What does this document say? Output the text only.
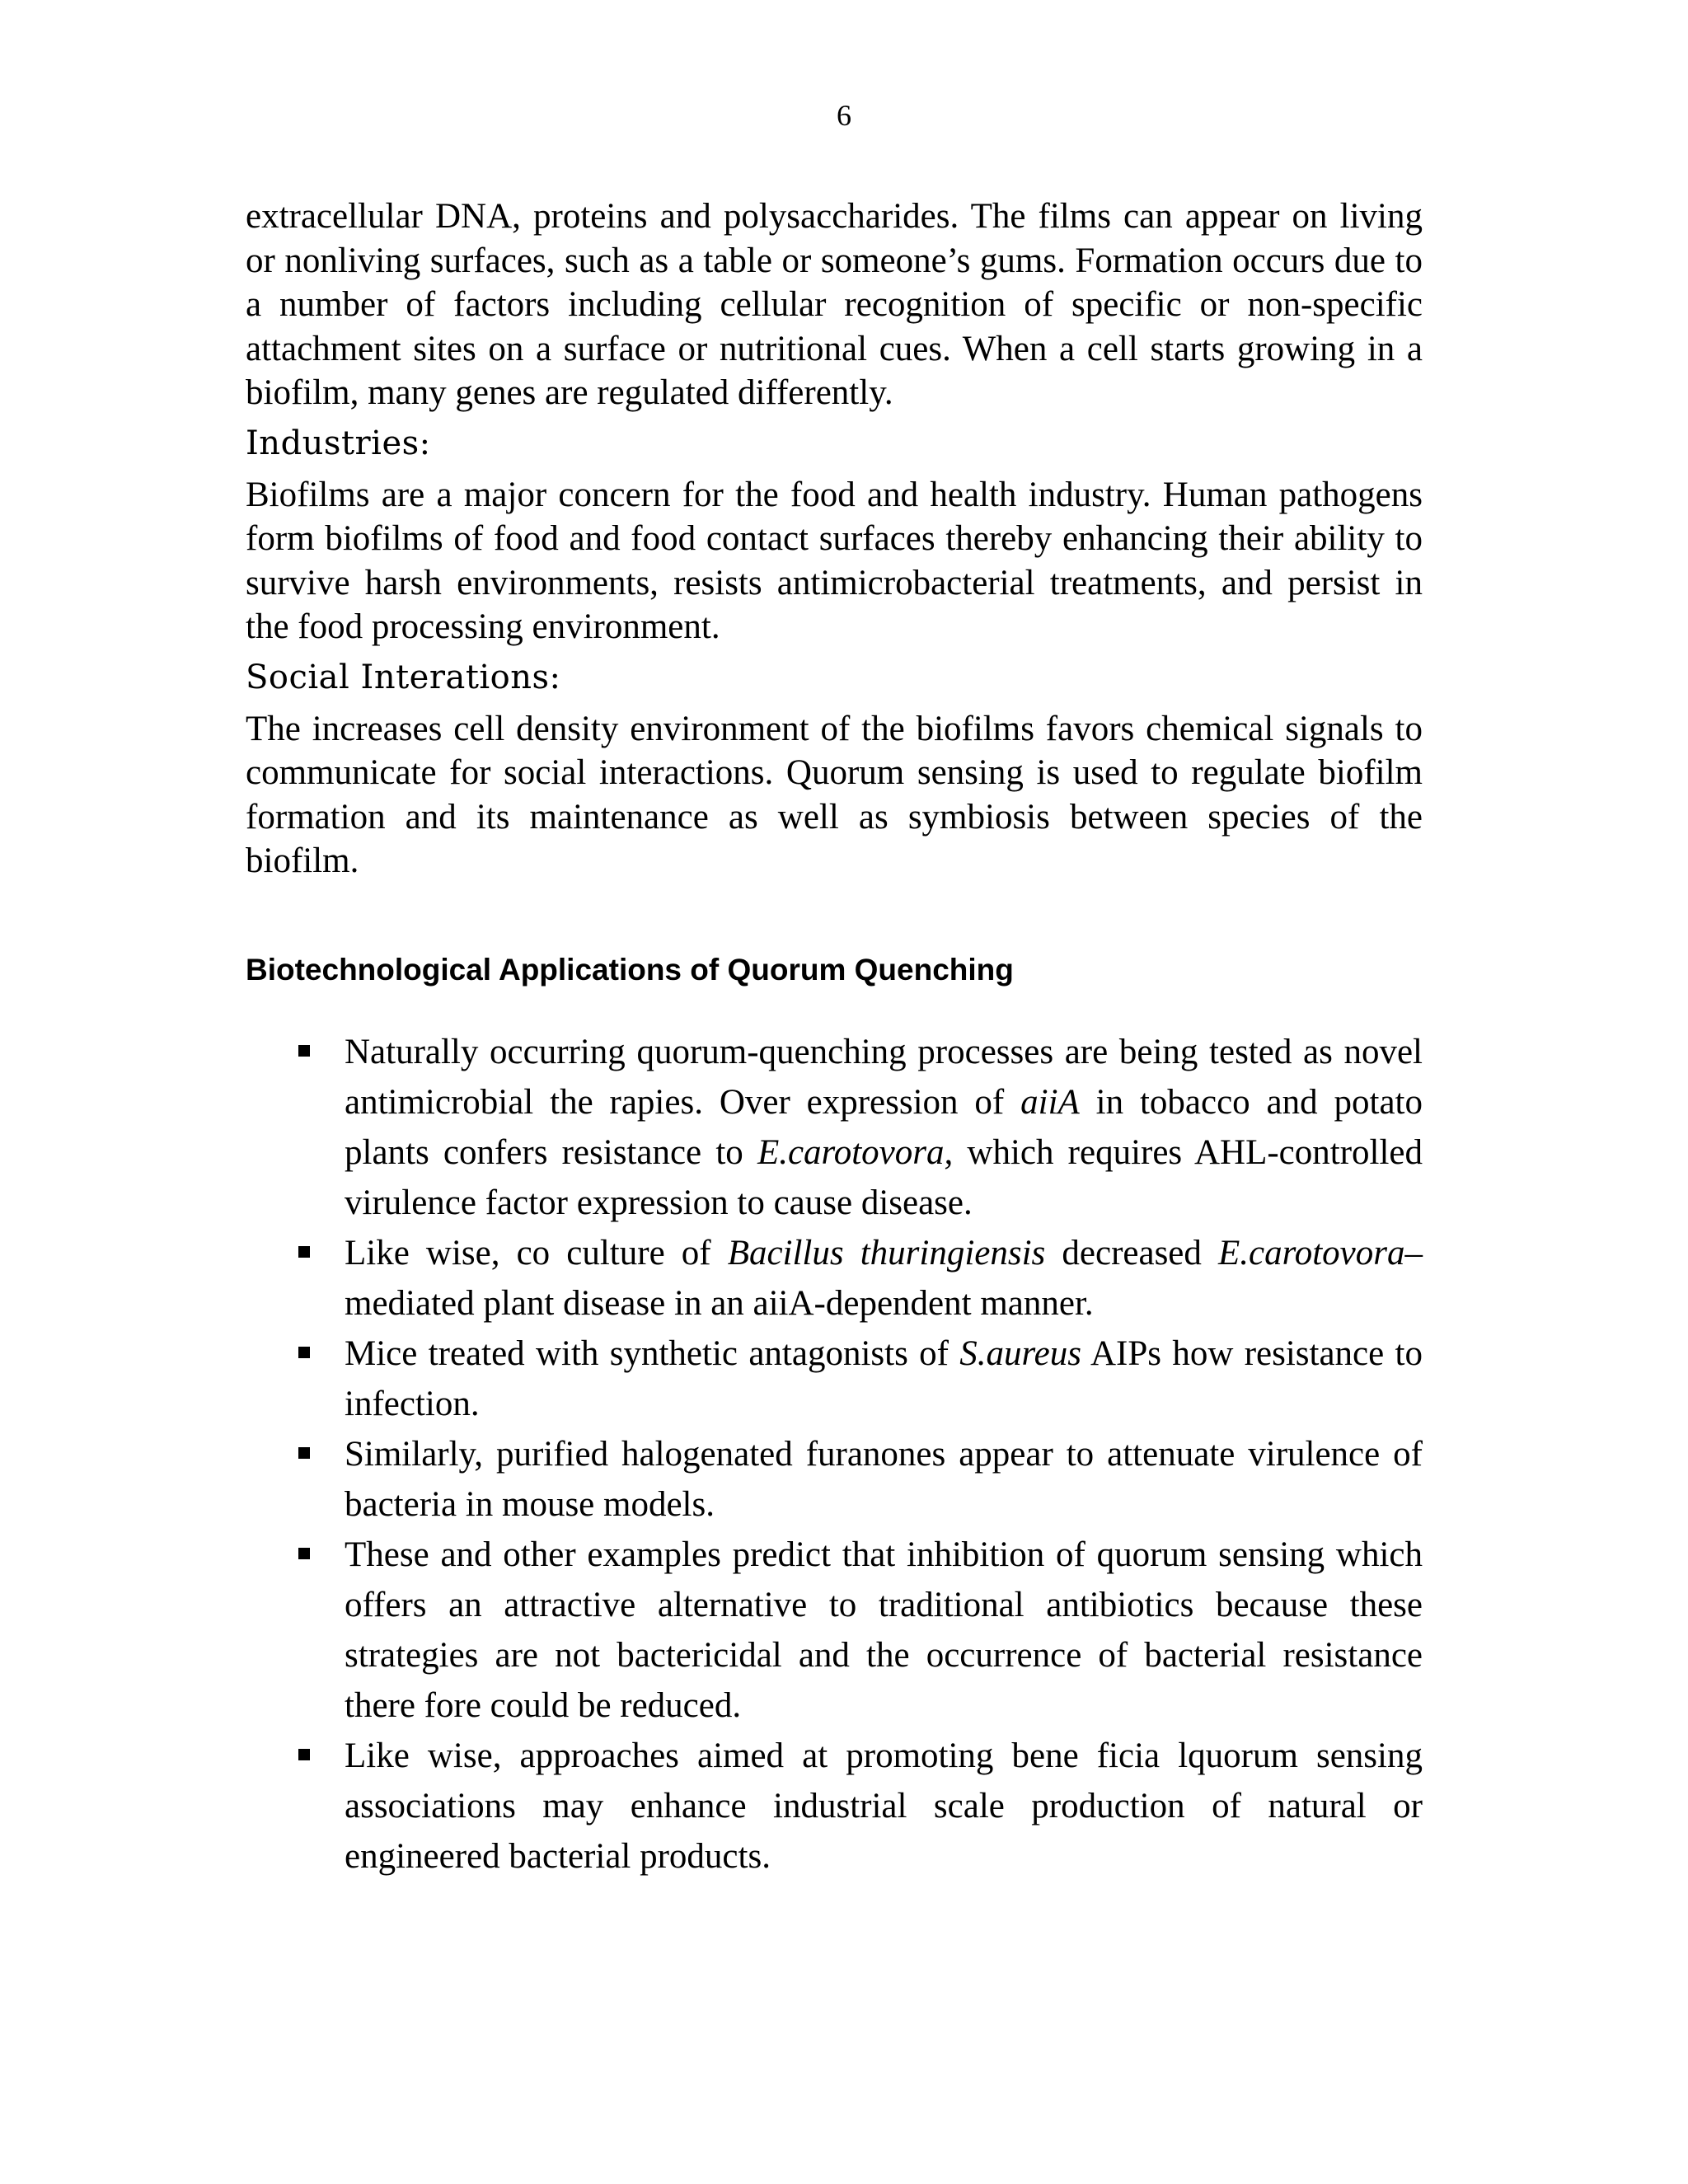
6

extracellular DNA, proteins and polysaccharides. The films can appear on living or nonliving surfaces, such as a table or someone’s gums. Formation occurs due to a number of factors including cellular recognition of specific or non-specific attachment sites on a surface or nutritional cues. When a cell starts growing in a biofilm, many genes are regulated differently.

Industries:

Biofilms are a major concern for the food and health industry. Human pathogens form biofilms of food and food contact surfaces thereby enhancing their ability to survive harsh environments, resists antimicrobacterial treatments, and persist in the food processing environment.

Social Interations:

The increases cell density environment of the biofilms favors chemical signals to communicate for social interactions. Quorum sensing is used to regulate biofilm formation and its maintenance as well as symbiosis between species of the biofilm.

Biotechnological Applications of Quorum Quenching
Naturally occurring quorum-quenching processes are being tested as novel antimicrobial the rapies. Over expression of aiiA in tobacco and potato plants confers resistance to E.carotovora, which requires AHL-controlled virulence factor expression to cause disease.
Like wise, co culture of Bacillus thuringiensis decreased E.carotovora–mediated plant disease in an aiiA-dependent manner.
Mice treated with synthetic antagonists of S.aureus AIPs how resistance to infection.
Similarly, purified halogenated furanones appear to attenuate virulence of bacteria in mouse models.
These and other examples predict that inhibition of quorum sensing which offers an attractive alternative to traditional antibiotics because these strategies are not bactericidal and the occurrence of bacterial resistance there fore could be reduced.
Like wise, approaches aimed at promoting bene ficia lquorum sensing associations may enhance industrial scale production of natural or engineered bacterial products.
